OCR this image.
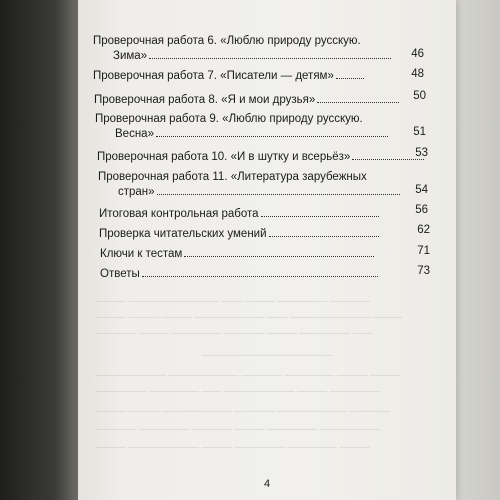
——— ————————— —— ——— ————— ————
——— ——— ——— ——————— —— ———————— ———
———— ——— ————— ———— ——— ————— ——
—————————————
——————— ——————— ———— ————— ——— ———
————— ————— —— ——————— ——— —————
——— ——— ——————— ———— ——————— ————
———— ————— ———— ——— ————— ——————
——— ——————— ——— ————— ————— ———
Проверочная работа 6. «Люблю природу русскую.
Зима»	46
Проверочная работа 7. «Писатели — детям»	48
Проверочная работа 8. «Я и мои друзья»	50
Проверочная работа 9. «Люблю природу русскую.
Весна»	51
Проверочная работа 10. «И в шутку и всерьёз»	53
Проверочная работа 11. «Литература зарубежных
стран»	54
Итоговая контрольная работа	56
Проверка читательских умений	62
Ключи к тестам	71
Ответы	73
4
